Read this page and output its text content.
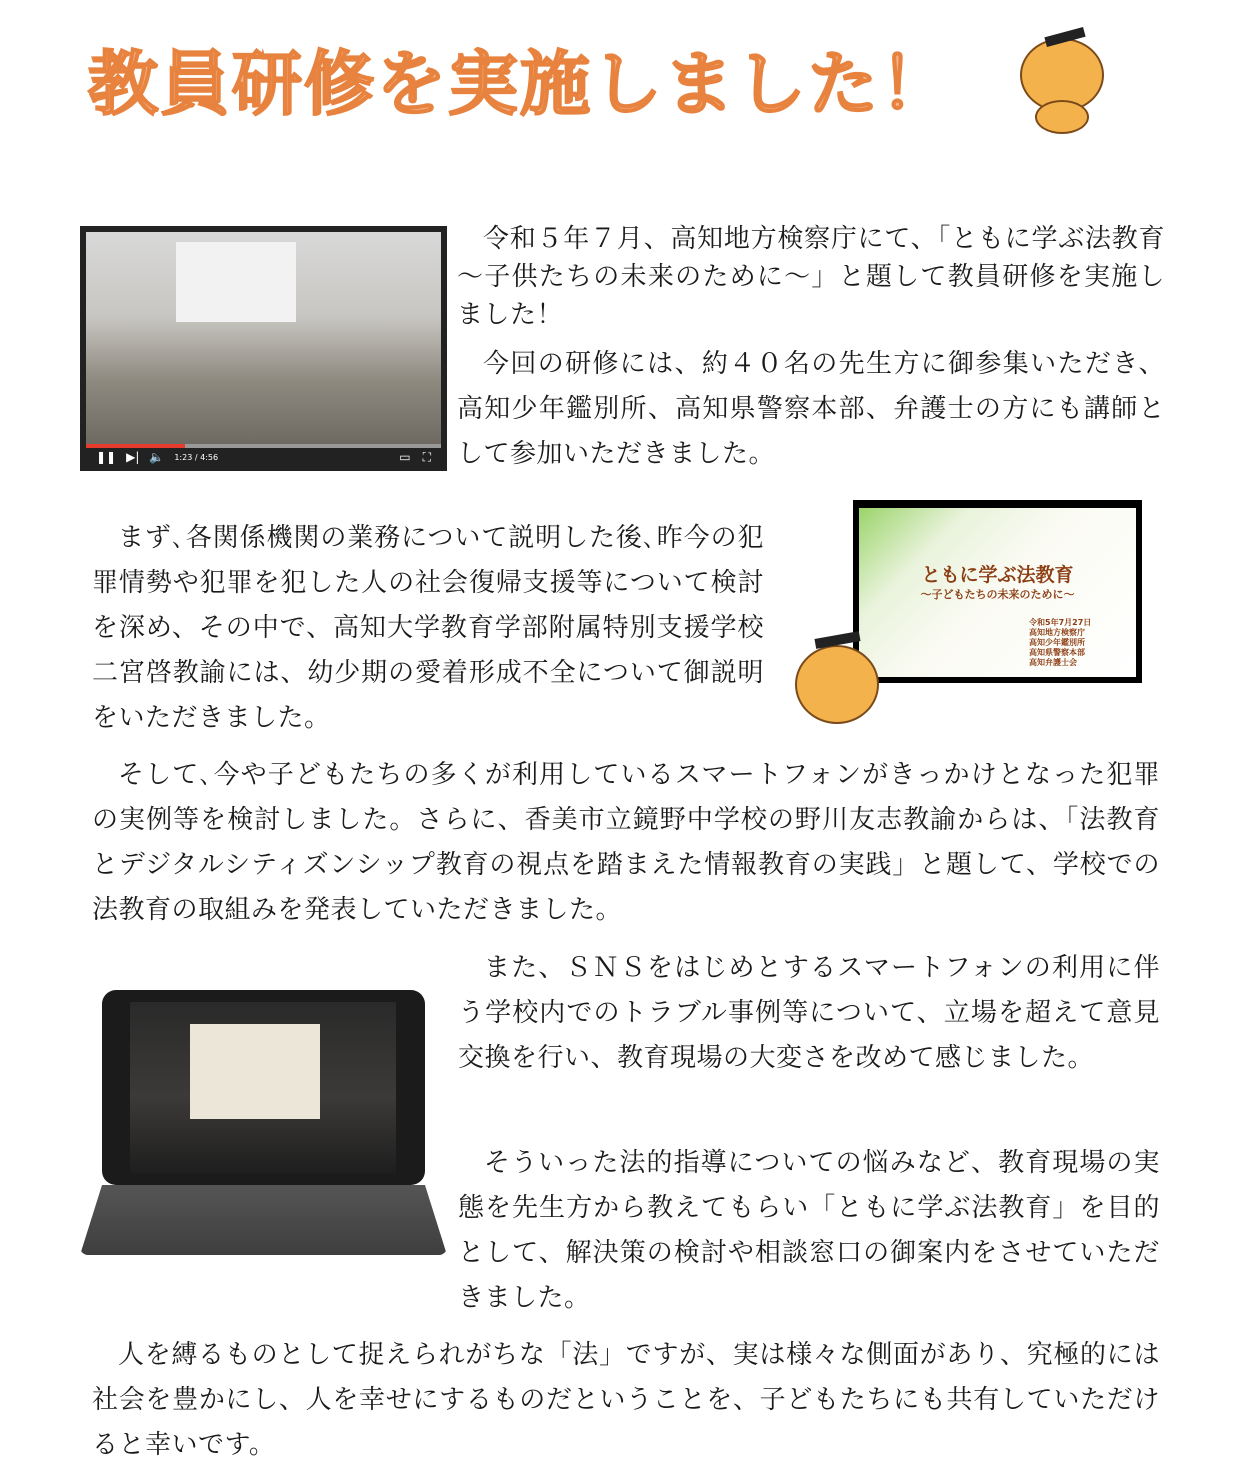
教員研修を実施しました！
❚❚ ▶| 🔈 1:23 / 4:56	▭ ⛶

令和５年７月、高知地方検察庁にて、「ともに学ぶ法教育～子供たちの未来のために～」と題して教員研修を実施しました！

今回の研修には、約４０名の先生方に御参集いただき、高知少年鑑別所、高知県警察本部、弁護士の方にも講師として参加いただきました。

まず､各関係機関の業務について説明した後､昨今の犯罪情勢や犯罪を犯した人の社会復帰支援等について検討を深め、その中で、高知大学教育学部附属特別支援学校二宮啓教諭には、幼少期の愛着形成不全について御説明をいただきました。

ともに学ぶ法教育
～子どもたちの未来のために～
令和5年7月27日
高知地方検察庁
高知少年鑑別所
高知県警察本部
高知弁護士会

そして､今や子どもたちの多くが利用しているスマートフォンがきっかけとなった犯罪の実例等を検討しました。さらに、香美市立鏡野中学校の野川友志教諭からは、「法教育とデジタルシティズンシップ教育の視点を踏まえた情報教育の実践」と題して、学校での法教育の取組みを発表していただきました。

また、ＳＮＳをはじめとするスマートフォンの利用に伴う学校内でのトラブル事例等について、立場を超えて意見交換を行い、教育現場の大変さを改めて感じました。

そういった法的指導についての悩みなど、教育現場の実態を先生方から教えてもらい「ともに学ぶ法教育」を目的として、解決策の検討や相談窓口の御案内をさせていただきました。

人を縛るものとして捉えられがちな「法」ですが、実は様々な側面があり、究極的には社会を豊かにし、人を幸せにするものだということを、子どもたちにも共有していただけると幸いです。
